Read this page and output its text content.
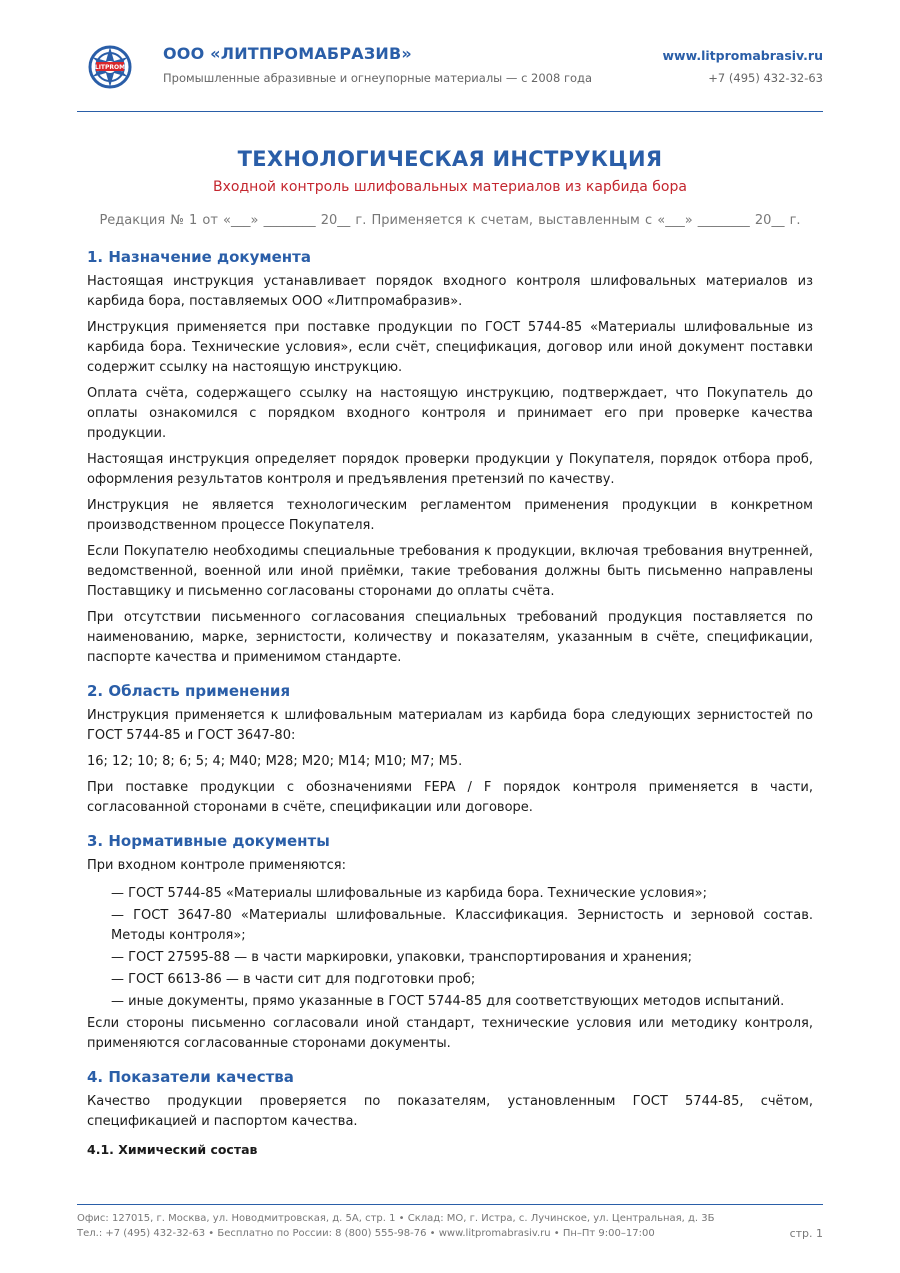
LITPROM
ООО «ЛИТПРОМАБРАЗИВ»
Промышленные абразивные и огнеупорные материалы — с 2008 года
www.litpromabrasiv.ru
+7 (495) 432-32-63
ТЕХНОЛОГИЧЕСКАЯ ИНСТРУКЦИЯ
Входной контроль шлифовальных материалов из карбида бора
Редакция № 1 от «___» ________ 20__ г. Применяется к счетам, выставленным с «___» ________ 20__ г.
1. Назначение документа

Настоящая инструкция устанавливает порядок входного контроля шлифовальных материалов из карбида бора, поставляемых ООО «Литпромабразив».

Инструкция применяется при поставке продукции по ГОСТ 5744-85 «Материалы шлифовальные из карбида бора. Технические условия», если счёт, спецификация, договор или иной документ поставки содержит ссылку на настоящую инструкцию.

Оплата счёта, содержащего ссылку на настоящую инструкцию, подтверждает, что Покупатель до оплаты ознакомился с порядком входного контроля и принимает его при проверке качества продукции.

Настоящая инструкция определяет порядок проверки продукции у Покупателя, порядок отбора проб, оформления результатов контроля и предъявления претензий по качеству.

Инструкция не является технологическим регламентом применения продукции в конкретном производственном процессе Покупателя.

Если Покупателю необходимы специальные требования к продукции, включая требования внутренней, ведомственной, военной или иной приёмки, такие требования должны быть письменно направлены Поставщику и письменно согласованы сторонами до оплаты счёта.

При отсутствии письменного согласования специальных требований продукция поставляется по наименованию, марке, зернистости, количеству и показателям, указанным в счёте, спецификации, паспорте качества и применимом стандарте.

2. Область применения

Инструкция применяется к шлифовальным материалам из карбида бора следующих зернистостей по ГОСТ 5744-85 и ГОСТ 3647-80:

16; 12; 10; 8; 6; 5; 4; М40; М28; М20; М14; М10; М7; М5.

При поставке продукции с обозначениями FEPA / F порядок контроля применяется в части, согласованной сторонами в счёте, спецификации или договоре.

3. Нормативные документы

При входном контроле применяются:

— ГОСТ 5744-85 «Материалы шлифовальные из карбида бора. Технические условия»;
— ГОСТ 3647-80 «Материалы шлифовальные. Классификация. Зернистость и зерновой состав. Методы контроля»;
— ГОСТ 27595-88 — в части маркировки, упаковки, транспортирования и хранения;
— ГОСТ 6613-86 — в части сит для подготовки проб;
— иные документы, прямо указанные в ГОСТ 5744-85 для соответствующих методов испытаний.

Если стороны письменно согласовали иной стандарт, технические условия или методику контроля, применяются согласованные сторонами документы.

4. Показатели качества

Качество продукции проверяется по показателям, установленным ГОСТ 5744-85, счётом, спецификацией и паспортом качества.

4.1. Химический состав
Офис: 127015, г. Москва, ул. Новодмитровская, д. 5А, стр. 1 • Склад: МО, г. Истра, с. Лучинское, ул. Центральная, д. 3Б
Тел.: +7 (495) 432-32-63 • Бесплатно по России: 8 (800) 555-98-76 • www.litpromabrasiv.ru • Пн–Пт 9:00–17:00	стр. 1
